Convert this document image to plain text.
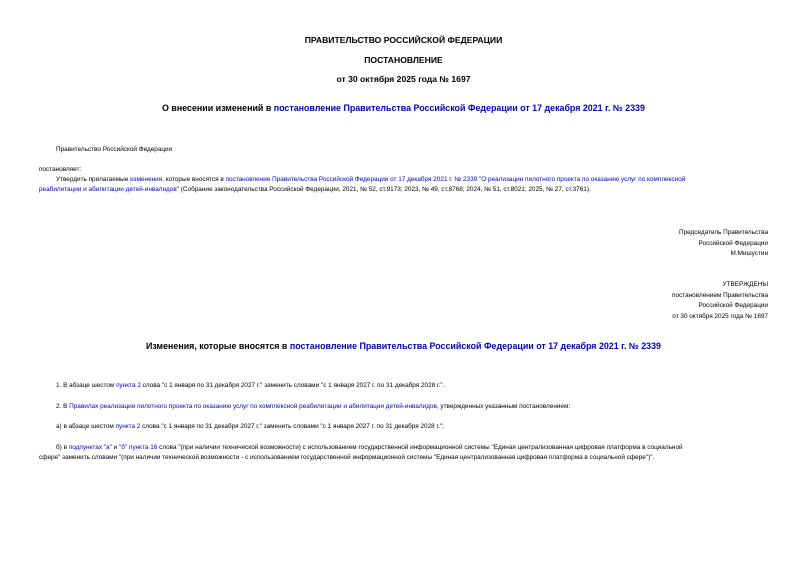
ПРАВИТЕЛЬСТВО РОССИЙСКОЙ ФЕДЕРАЦИИ
ПОСТАНОВЛЕНИЕ
от 30 октября 2025 года № 1697
О внесении изменений в постановление Правительства Российской Федерации от 17 декабря 2021 г. № 2339
Правительство Российской Федерации
постановляет:
Утвердить прилагаемые изменения, которые вносятся в постановление Правительства Российской Федерации от 17 декабря 2021 г. № 2339 "О реализации пилотного проекта по оказанию услуг по комплексной
реабилитации и абилитации детей-инвалидов" (Собрание законодательства Российской Федерации, 2021, № 52, ст.9173; 2023, № 49, ст.8768; 2024, № 51, ст.8021; 2025, № 27, ст.3761).
Председатель Правительства
Российской Федерации
М.Мишустин
УТВЕРЖДЕНЫ
постановлением Правительства
Российской Федерации
от 30 октября 2025 года № 1697
Изменения, которые вносятся в постановление Правительства Российской Федерации от 17 декабря 2021 г. № 2339
1. В абзаце шестом пункта 2 слова "с 1 января по 31 декабря 2027 г." заменить словами "с 1 января 2027 г. по 31 декабря 2028 г.".
2. В Правилах реализации пилотного проекта по оказанию услуг по комплексной реабилитации и абилитации детей-инвалидов, утвержденных указанным постановлением:
а) в абзаце шестом пункта 2 слова "с 1 января по 31 декабря 2027 г." заменить словами "с 1 января 2027 г. по 31 декабря 2028 г.";
б) в подпунктах "а" и "б" пункта 16 слова "(при наличии технической возможности) с использованием государственной информационной системы "Единая централизованная цифровая платформа в социальной
сфере" заменить словами "(при наличии технической возможности - с использованием государственной информационной системы "Единая централизованная цифровая платформа в социальной сфере")".
